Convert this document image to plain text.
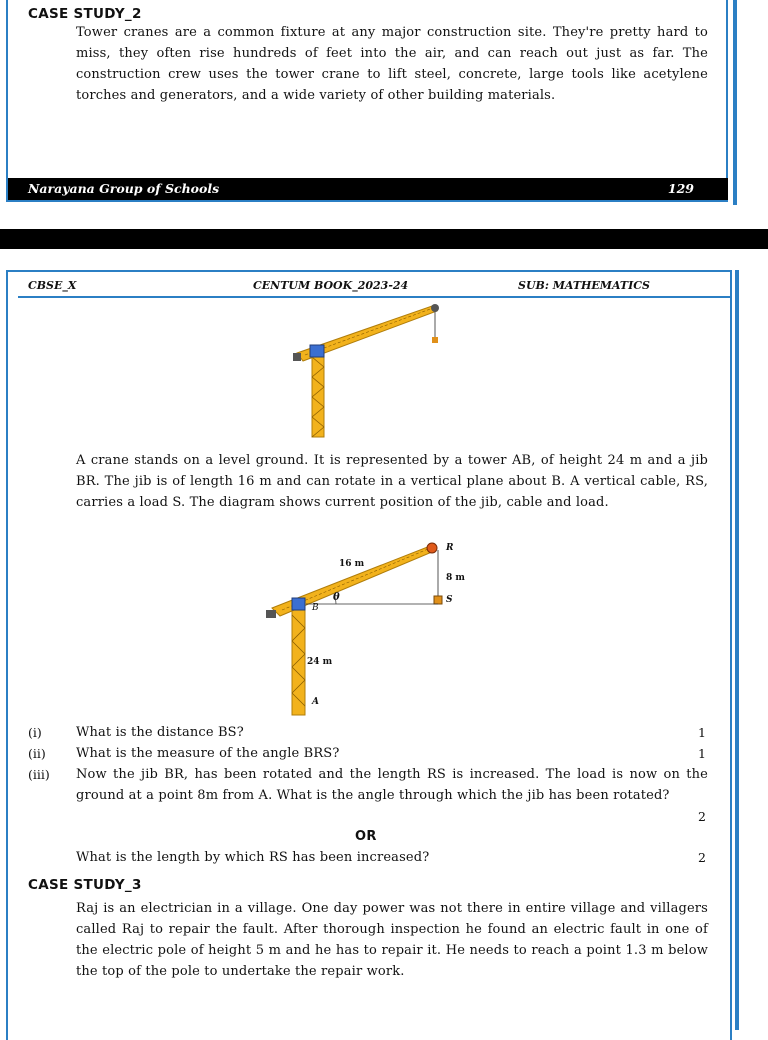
CASE STUDY_2
Tower cranes are a common fixture at any major construction site. They're pretty hard to miss, they often rise hundreds of feet into the air, and can reach out just as far. The construction crew uses the tower crane to lift steel, concrete, large tools like acetylene torches and generators, and a wide variety of other building materials.
Narayana Group of Schools	129
CBSE_X	CENTUM BOOK_2023-24	SUB: MATHEMATICS
A crane stands on a level ground. It is represented by a tower AB, of height 24 m and a jib BR. The jib is of length 16 m and can rotate in a vertical plane about B. A vertical cable, RS, carries a load S. The diagram shows current position of the jib, cable and load.
16 m
8 m
24 m
R
S
B
A
θ
(i)	What is the distance BS?	1
(ii) What is the measure of the angle BRS?	1
(iii) Now the jib BR, has been rotated and the length RS is increased. The load is now on the ground at a point 8m from A. What is the angle through which the jib has been rotated?
2
OR
What is the length by which RS has been increased?	2
CASE STUDY_3
Raj is an electrician in a village. One day power was not there in entire village and villagers called Raj to repair the fault. After thorough inspection he found an electric fault in one of the electric pole of height 5 m and he has to repair it. He needs to reach a point 1.3 m below the top of the pole to undertake the repair work.
